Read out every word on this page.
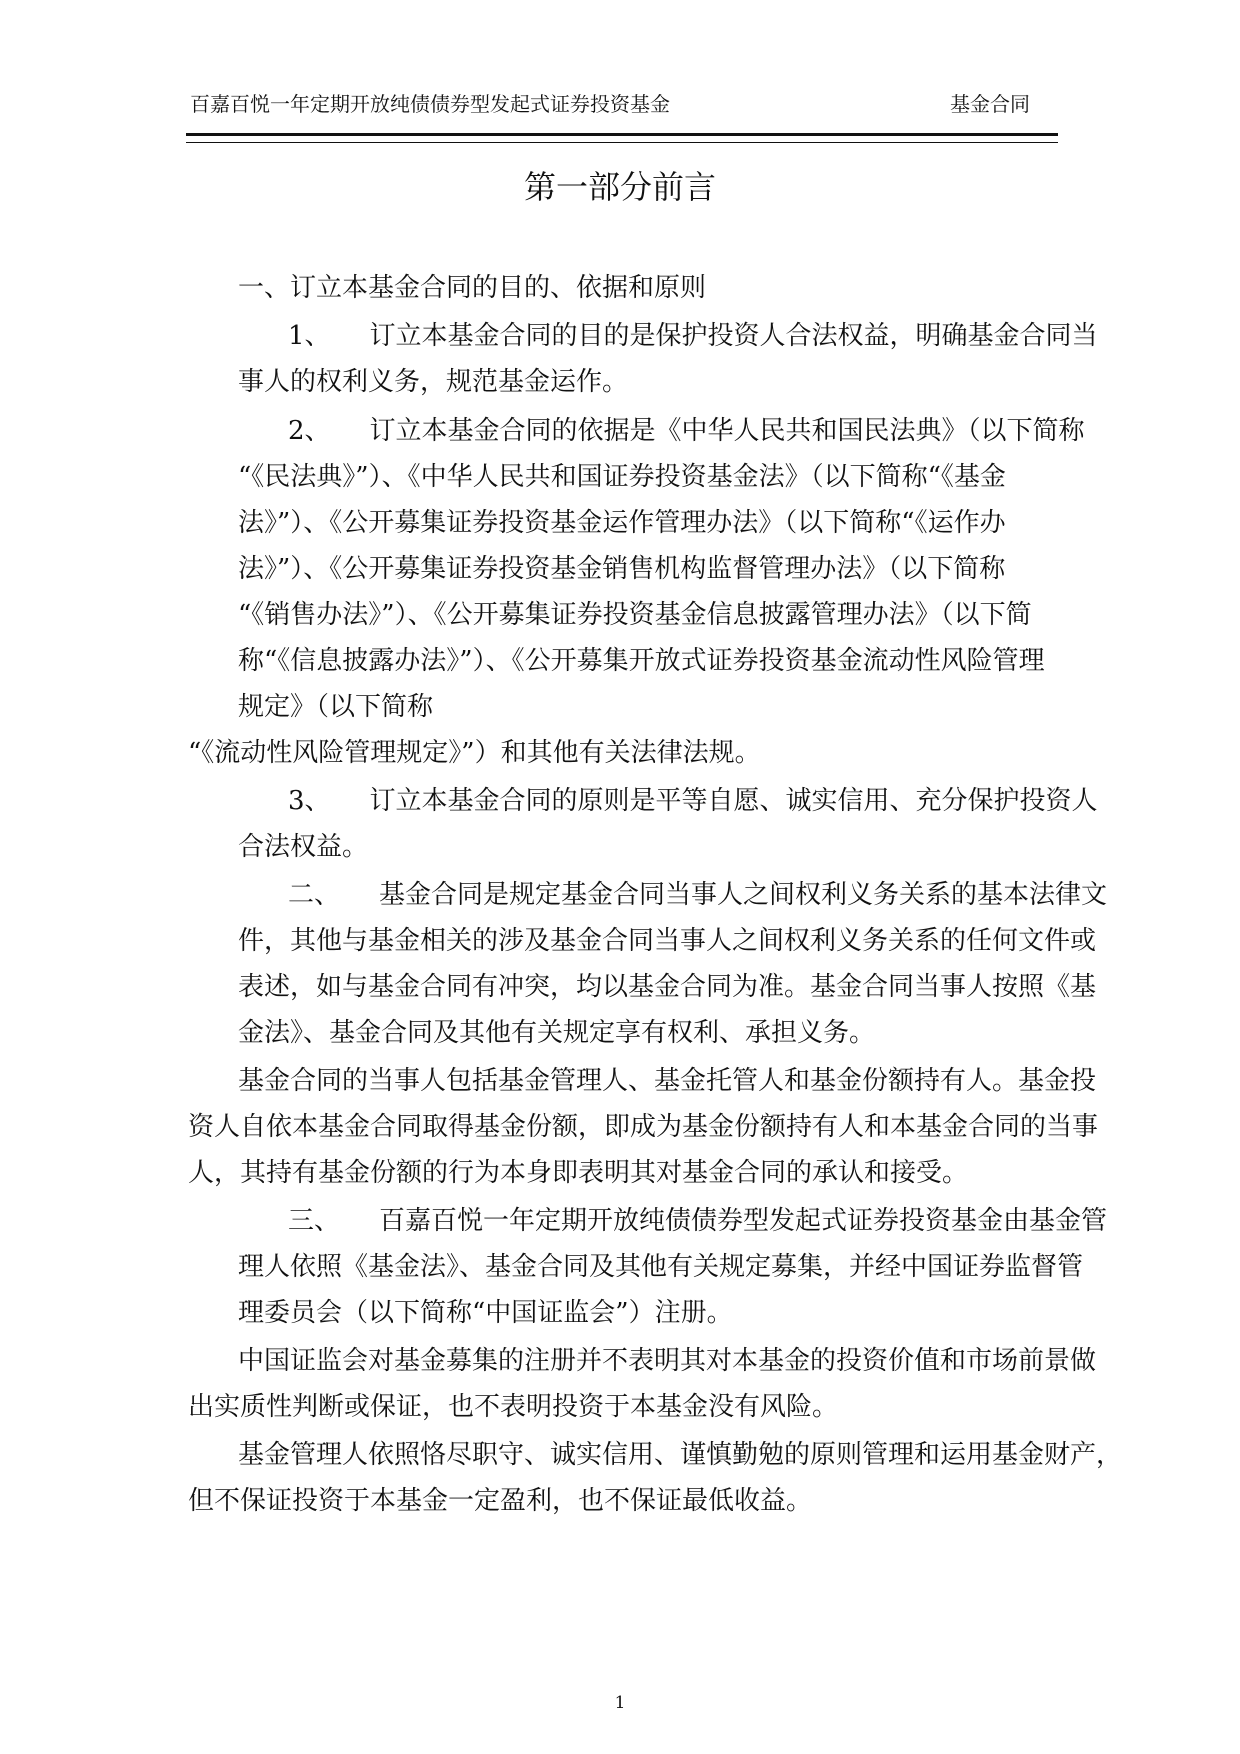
百嘉百悦一年定期开放纯债债券型发起式证券投资基金	基金合同
第一部分前言
一、订立本基金合同的目的、依据和原则
1、　　订立本基金合同的目的是保护投资人合法权益，明确基金合同当
事人的权利义务，规范基金运作。
2、　　订立本基金合同的依据是《中华人民共和国民法典》（以下简称
“《民法典》”）、《中华人民共和国证券投资基金法》（以下简称“《基金
法》”）、《公开募集证券投资基金运作管理办法》（以下简称“《运作办
法》”）、《公开募集证券投资基金销售机构监督管理办法》（以下简称
“《销售办法》”）、《公开募集证券投资基金信息披露管理办法》（以下简
称“《信息披露办法》”）、《公开募集开放式证券投资基金流动性风险管理
规定》（以下简称
“《流动性风险管理规定》”）和其他有关法律法规。
3、　　订立本基金合同的原则是平等自愿、诚实信用、充分保护投资人
合法权益。
二、　　基金合同是规定基金合同当事人之间权利义务关系的基本法律文
件，其他与基金相关的涉及基金合同当事人之间权利义务关系的任何文件或
表述，如与基金合同有冲突，均以基金合同为准。基金合同当事人按照《基
金法》、基金合同及其他有关规定享有权利、承担义务。
基金合同的当事人包括基金管理人、基金托管人和基金份额持有人。基金投
资人自依本基金合同取得基金份额，即成为基金份额持有人和本基金合同的当事
人，其持有基金份额的行为本身即表明其对基金合同的承认和接受。
三、　　百嘉百悦一年定期开放纯债债券型发起式证券投资基金由基金管
理人依照《基金法》、基金合同及其他有关规定募集，并经中国证券监督管
理委员会（以下简称“中国证监会”）注册。
中国证监会对基金募集的注册并不表明其对本基金的投资价值和市场前景做
出实质性判断或保证，也不表明投资于本基金没有风险。
基金管理人依照恪尽职守、诚实信用、谨慎勤勉的原则管理和运用基金财产，
但不保证投资于本基金一定盈利，也不保证最低收益。
1
